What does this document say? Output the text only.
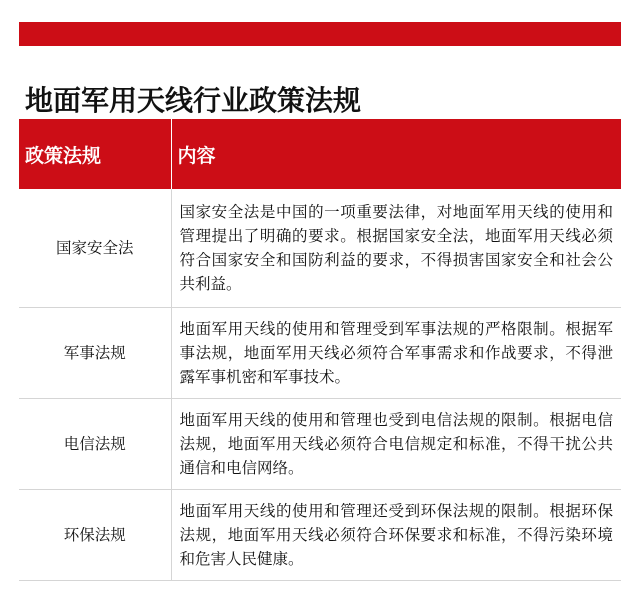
地面军用天线行业政策法规
政策法规	内容
国家安全法	国家安全法是中国的一项重要法律，对地面军用天线的使用和管理提出了明确的要求。根据国家安全法，地面军用天线必须符合国家安全和国防利益的要求，不得损害国家安全和社会公共利益。
军事法规	地面军用天线的使用和管理受到军事法规的严格限制。根据军事法规，地面军用天线必须符合军事需求和作战要求，不得泄露军事机密和军事技术。
电信法规	地面军用天线的使用和管理也受到电信法规的限制。根据电信法规，地面军用天线必须符合电信规定和标准，不得干扰公共通信和电信网络。
环保法规	地面军用天线的使用和管理还受到环保法规的限制。根据环保法规，地面军用天线必须符合环保要求和标准，不得污染环境和危害人民健康。
